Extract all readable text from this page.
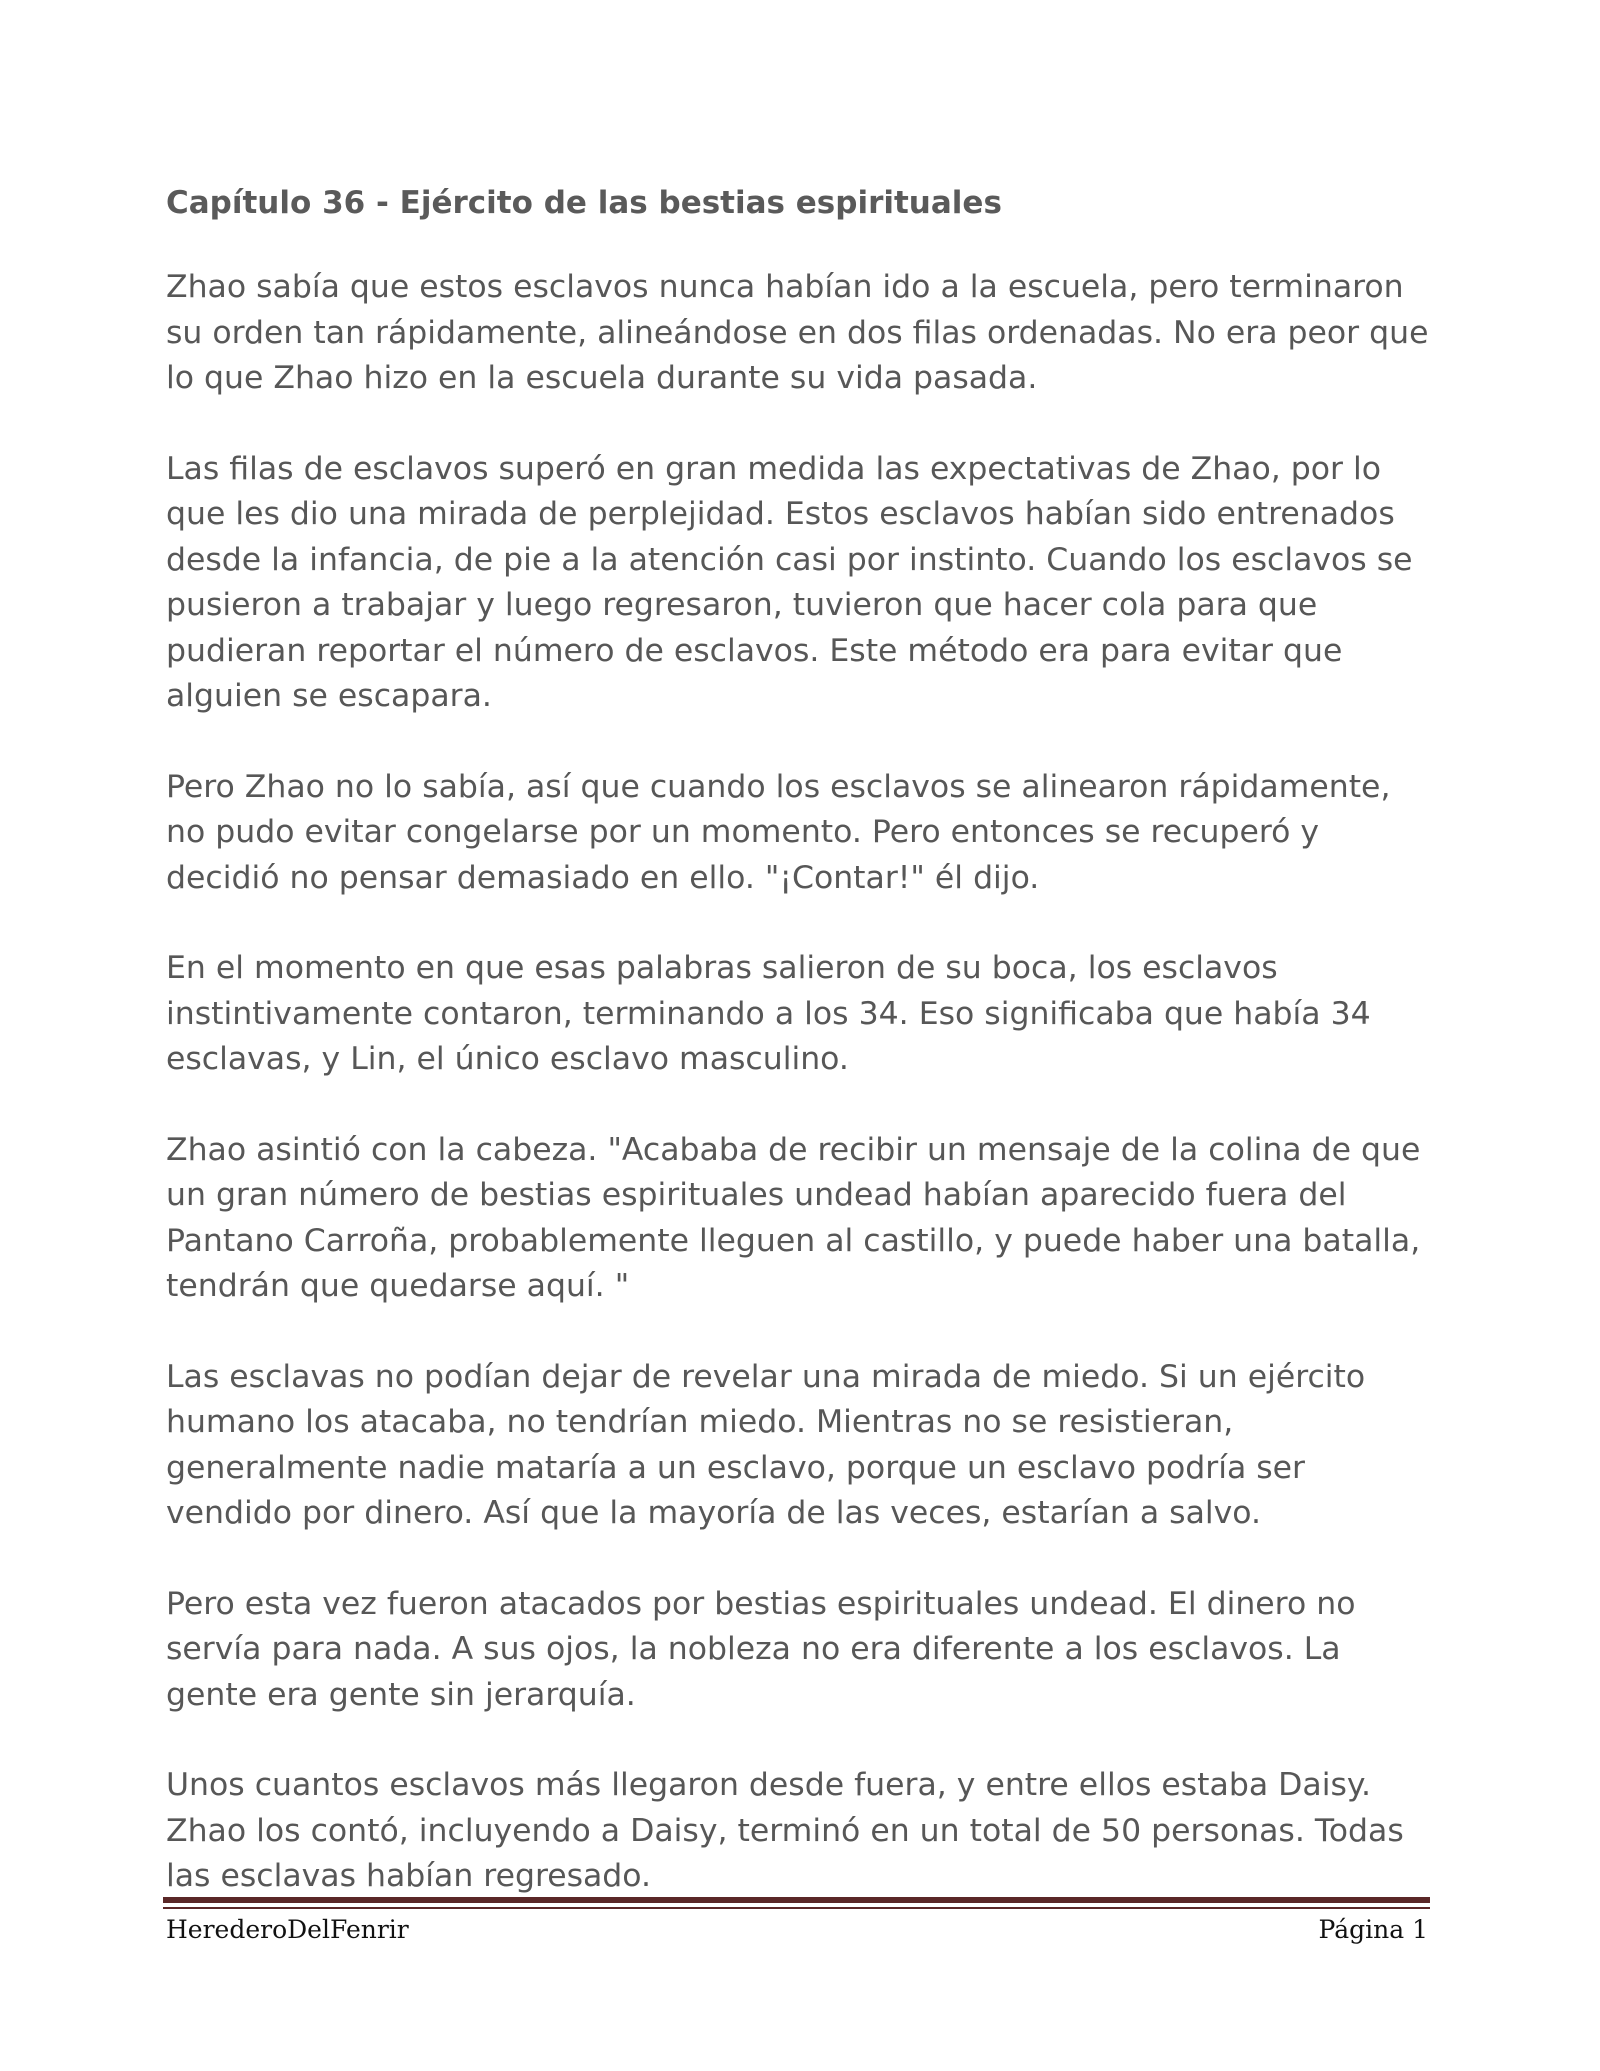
Capítulo 36 - Ejército de las bestias espirituales

Zhao sabía que estos esclavos nunca habían ido a la escuela, pero terminaron su orden tan rápidamente, alineándose en dos filas ordenadas. No era peor que lo que Zhao hizo en la escuela durante su vida pasada.

Las filas de esclavos superó en gran medida las expectativas de Zhao, por lo que les dio una mirada de perplejidad. Estos esclavos habían sido entrenados desde la infancia, de pie a la atención casi por instinto. Cuando los esclavos se pusieron a trabajar y luego regresaron, tuvieron que hacer cola para que pudieran reportar el número de esclavos. Este método era para evitar que alguien se escapara.

Pero Zhao no lo sabía, así que cuando los esclavos se alinearon rápidamente, no pudo evitar congelarse por un momento. Pero entonces se recuperó y decidió no pensar demasiado en ello. "¡Contar!" él dijo.

En el momento en que esas palabras salieron de su boca, los esclavos instintivamente contaron, terminando a los 34. Eso significaba que había 34 esclavas, y Lin, el único esclavo masculino.

Zhao asintió con la cabeza. "Acababa de recibir un mensaje de la colina de que un gran número de bestias espirituales undead habían aparecido fuera del Pantano Carroña, probablemente lleguen al castillo, y puede haber una batalla, tendrán que quedarse aquí. "

Las esclavas no podían dejar de revelar una mirada de miedo. Si un ejército humano los atacaba, no tendrían miedo. Mientras no se resistieran, generalmente nadie mataría a un esclavo, porque un esclavo podría ser vendido por dinero. Así que la mayoría de las veces, estarían a salvo.

Pero esta vez fueron atacados por bestias espirituales undead. El dinero no servía para nada. A sus ojos, la nobleza no era diferente a los esclavos. La gente era gente sin jerarquía.

Unos cuantos esclavos más llegaron desde fuera, y entre ellos estaba Daisy. Zhao los contó, incluyendo a Daisy, terminó en un total de 50 personas. Todas las esclavas habían regresado.

HerederoDelFenrir	Página 1
